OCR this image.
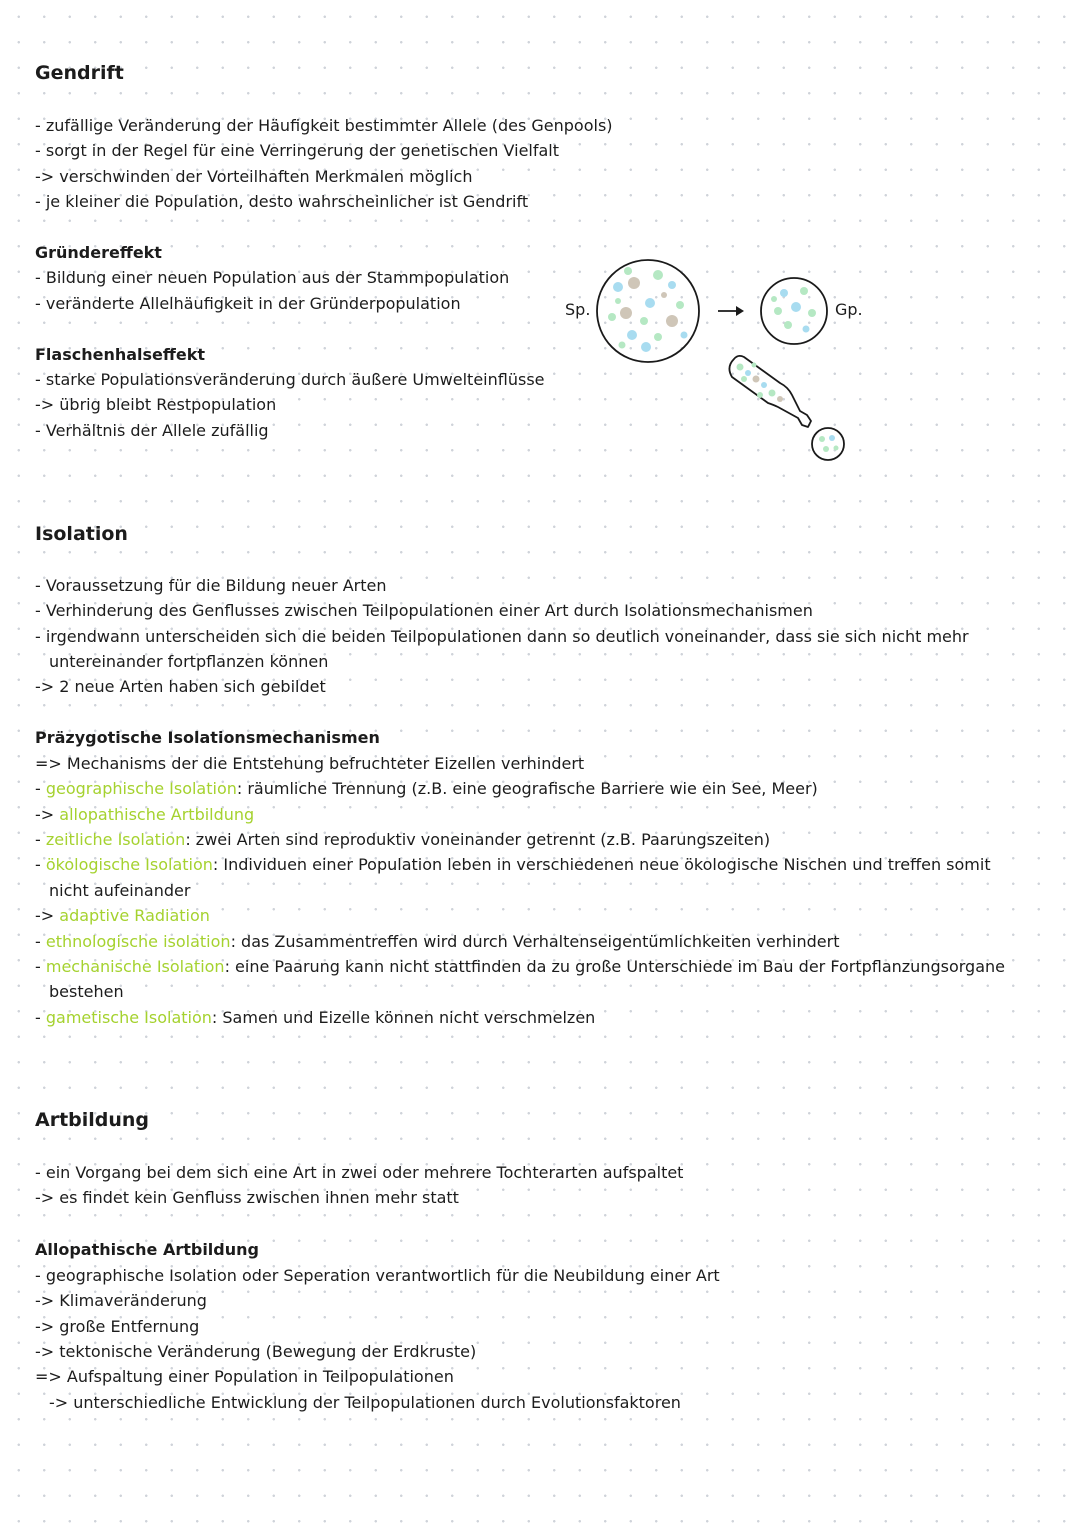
Gendrift

- zufällige Veränderung der Häufigkeit bestimmter Allele (des Genpools)

- sorgt in der Regel für eine Verringerung der genetischen Vielfalt

-> verschwinden der Vorteilhaften Merkmalen möglich

- je kleiner die Population, desto wahrscheinlicher ist Gendrift

Gründereffekt

- Bildung einer neuen Population aus der Stammpopulation

- veränderte Allelhäufigkeit in der Gründerpopulation

Flaschenhalseffekt

- starke Populationsveränderung durch äußere Umwelteinflüsse

-> übrig bleibt Restpopulation

- Verhältnis der Allele zufällig

Sp.	Gp.

Isolation

- Voraussetzung für die Bildung neuer Arten

- Verhinderung des Genflusses zwischen Teilpopulationen einer Art durch Isolationsmechanismen

- irgendwann unterscheiden sich die beiden Teilpopulationen dann so deutlich voneinander, dass sie sich nicht mehr

untereinander fortpflanzen können

-> 2 neue Arten haben sich gebildet

Präzygotische Isolationsmechanismen

=> Mechanisms der die Entstehung befruchteter Eizellen verhindert

- geographische Isolation: räumliche Trennung (z.B. eine geografische Barriere wie ein See, Meer)

-> allopathische Artbildung

- zeitliche Isolation: zwei Arten sind reproduktiv voneinander getrennt (z.B. Paarungszeiten)

- ökologische Isolation: Individuen einer Population leben in verschiedenen neue ökologische Nischen und treffen somit

nicht aufeinander

-> adaptive Radiation

- ethnologische isolation: das Zusammentreffen wird durch Verhaltenseigentümlichkeiten verhindert

- mechanische Isolation: eine Paarung kann nicht stattfinden da zu große Unterschiede im Bau der Fortpflanzungsorgane

bestehen

- gametische Isolation: Samen und Eizelle können nicht verschmelzen

Artbildung

- ein Vorgang bei dem sich eine Art in zwei oder mehrere Tochterarten aufspaltet

-> es findet kein Genfluss zwischen ihnen mehr statt

Allopathische Artbildung

- geographische Isolation oder Seperation verantwortlich für die Neubildung einer Art

-> Klimaveränderung

-> große Entfernung

-> tektonische Veränderung (Bewegung der Erdkruste)

=> Aufspaltung einer Population in Teilpopulationen

-> unterschiedliche Entwicklung der Teilpopulationen durch Evolutionsfaktoren
